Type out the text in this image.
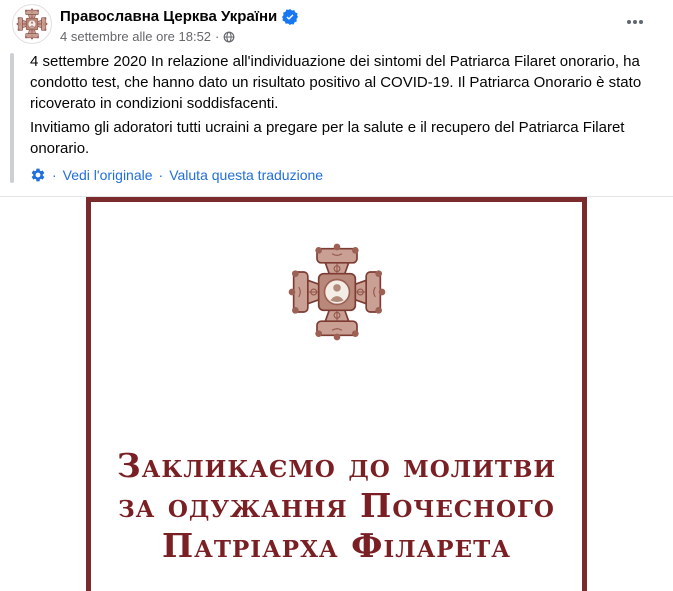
Православна Церква України
4 settembre alle ore 18:52 ·

4 settembre 2020 In relazione all'individuazione dei sintomi del Patriarca Filaret onorario, ha condotto test, che hanno dato un risultato positivo al COVID-19. Il Patriarca Onorario è stato ricoverato in condizioni soddisfacenti.

Invitiamo gli adoratori tutti ucraini a pregare per la salute e il recupero del Patriarca Filaret onorario.

· Vedi l'originale · Valuta questa traduzione
Закликаємо до молитви
за одужання Почесного
Патріарха Філарета
